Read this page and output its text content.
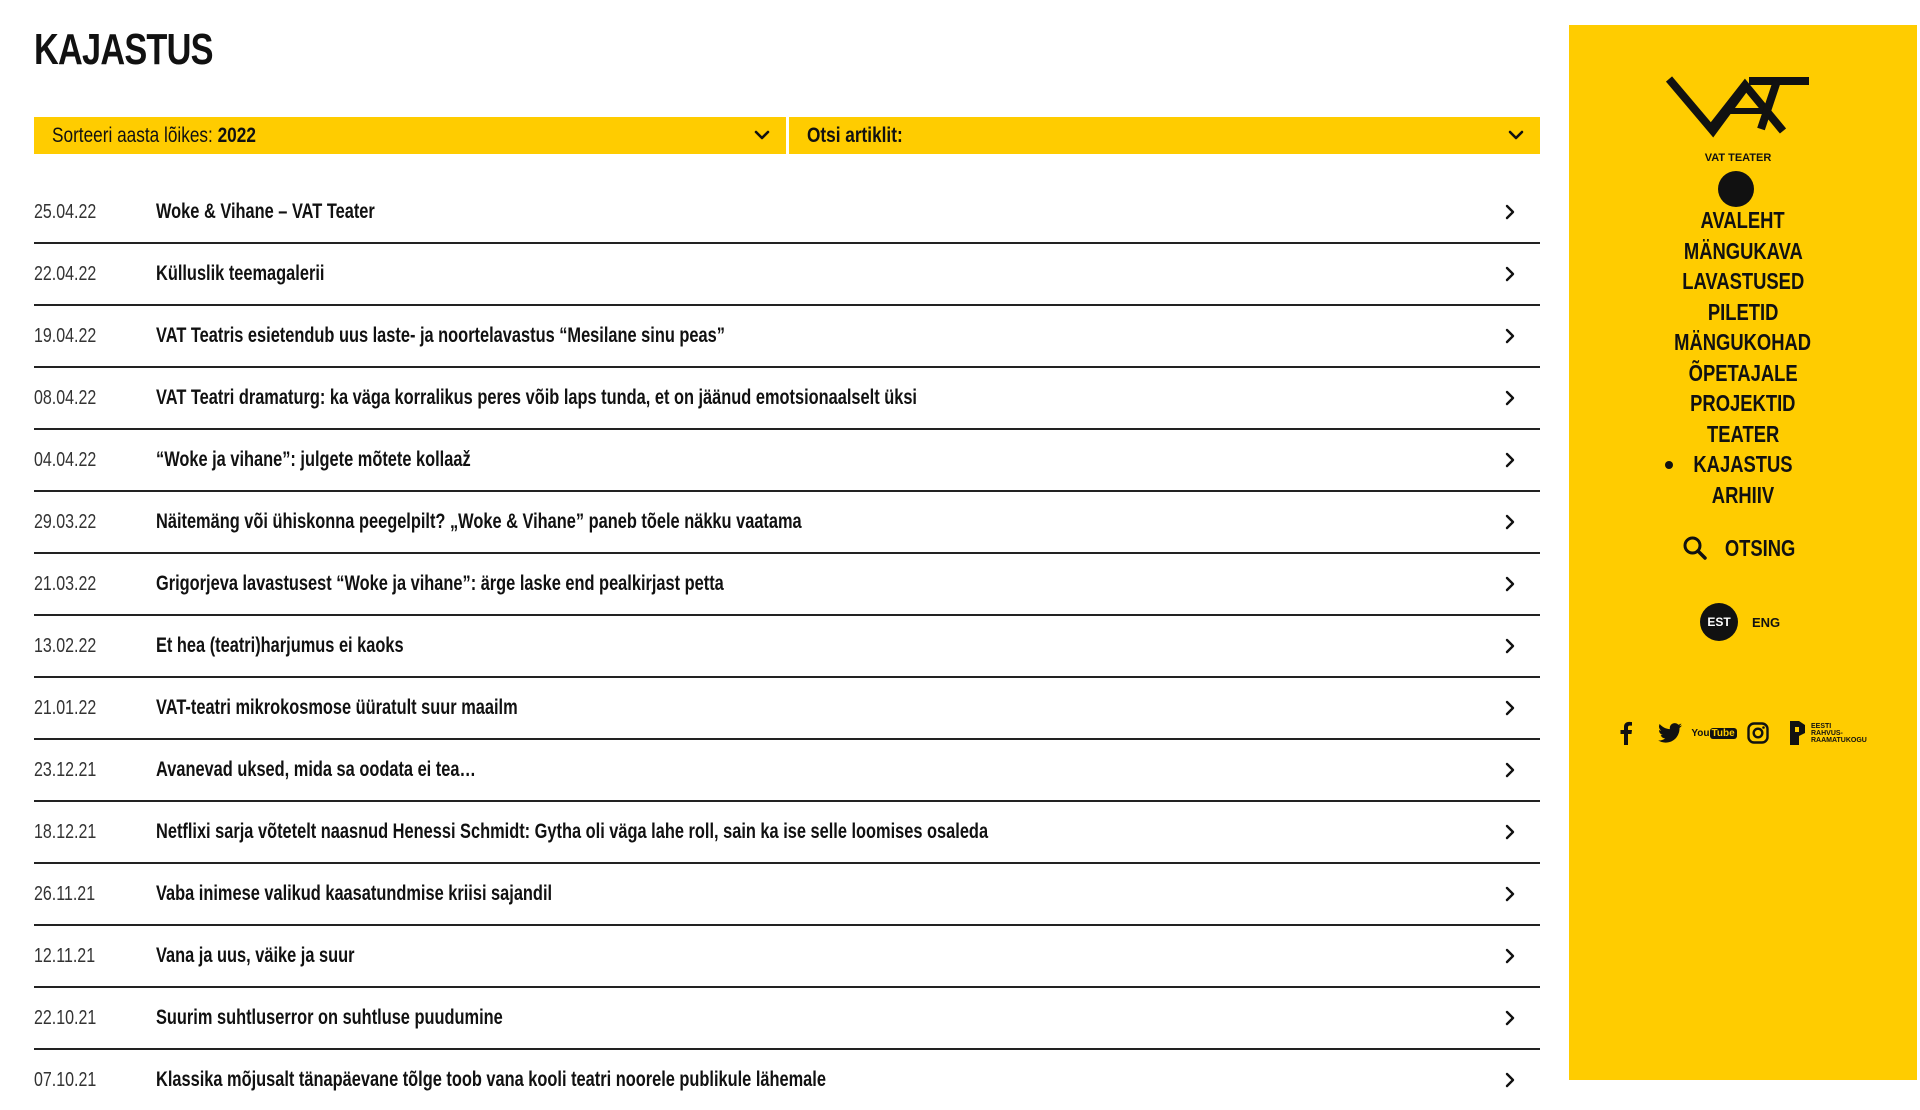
KAJASTUS
Sorteeri aasta lõikes: 2022	Otsi artiklit:
25.04.22	Woke & Vihane – VAT Teater
22.04.22	Külluslik teemagalerii
19.04.22	VAT Teatris esietendub uus laste- ja noortelavastus “Mesilane sinu peas”
08.04.22	VAT Teatri dramaturg: ka väga korralikus peres võib laps tunda, et on jäänud emotsionaalselt üksi
04.04.22	“Woke ja vihane”: julgete mõtete kollaaž
29.03.22	Näitemäng või ühiskonna peegelpilt? „Woke & Vihane” paneb tõele näkku vaatama
21.03.22	Grigorjeva lavastusest “Woke ja vihane”: ärge laske end pealkirjast petta
13.02.22	Et hea (teatri)harjumus ei kaoks
21.01.22	VAT-teatri mikrokosmose üüratult suur maailm
23.12.21	Avanevad uksed, mida sa oodata ei tea…
18.12.21	Netflixi sarja võtetelt naasnud Henessi Schmidt: Gytha oli väga lahe roll, sain ka ise selle loomises osaleda
26.11.21	Vaba inimese valikud kaasatundmise kriisi sajandil
12.11.21	Vana ja uus, väike ja suur
22.10.21	Suurim suhtluserror on suhtluse puudumine
07.10.21	Klassika mõjusalt tänapäevane tõlge toob vana kooli teatri noorele publikule lähemale
VAT TEATER
AVALEHT
MÄNGUKAVA
LAVASTUSED
PILETID
MÄNGUKOHAD
ÕPETAJALE
PROJEKTID
TEATER
KAJASTUS
ARHIIV
OTSING
EST	ENG
You Tube
EESTI
RAHVUS-
RAAMATUKOGU
